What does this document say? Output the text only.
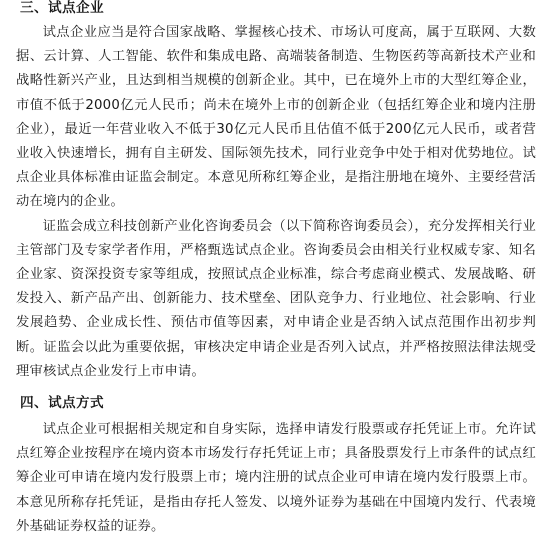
三、试点企业

试点企业应当是符合国家战略、掌握核心技术、市场认可度高，属于互联网、大数据、云计算、人工智能、软件和集成电路、高端装备制造、生物医药等高新技术产业和战略性新兴产业，且达到相当规模的创新企业。其中，已在境外上市的大型红筹企业，市值不低于2000亿元人民币；尚未在境外上市的创新企业（包括红筹企业和境内注册企业），最近一年营业收入不低于30亿元人民币且估值不低于200亿元人民币，或者营业收入快速增长，拥有自主研发、国际领先技术，同行业竞争中处于相对优势地位。试点企业具体标准由证监会制定。本意见所称红筹企业，是指注册地在境外、主要经营活动在境内的企业。

证监会成立科技创新产业化咨询委员会（以下简称咨询委员会），充分发挥相关行业主管部门及专家学者作用，严格甄选试点企业。咨询委员会由相关行业权威专家、知名企业家、资深投资专家等组成，按照试点企业标准，综合考虑商业模式、发展战略、研发投入、新产品产出、创新能力、技术壁垒、团队竞争力、行业地位、社会影响、行业发展趋势、企业成长性、预估市值等因素，对申请企业是否纳入试点范围作出初步判断。证监会以此为重要依据，审核决定申请企业是否列入试点，并严格按照法律法规受理审核试点企业发行上市申请。

四、试点方式

试点企业可根据相关规定和自身实际，选择申请发行股票或存托凭证上市。允许试点红筹企业按程序在境内资本市场发行存托凭证上市；具备股票发行上市条件的试点红筹企业可申请在境内发行股票上市；境内注册的试点企业可申请在境内发行股票上市。本意见所称存托凭证，是指由存托人签发、以境外证券为基础在中国境内发行、代表境外基础证券权益的证券。
